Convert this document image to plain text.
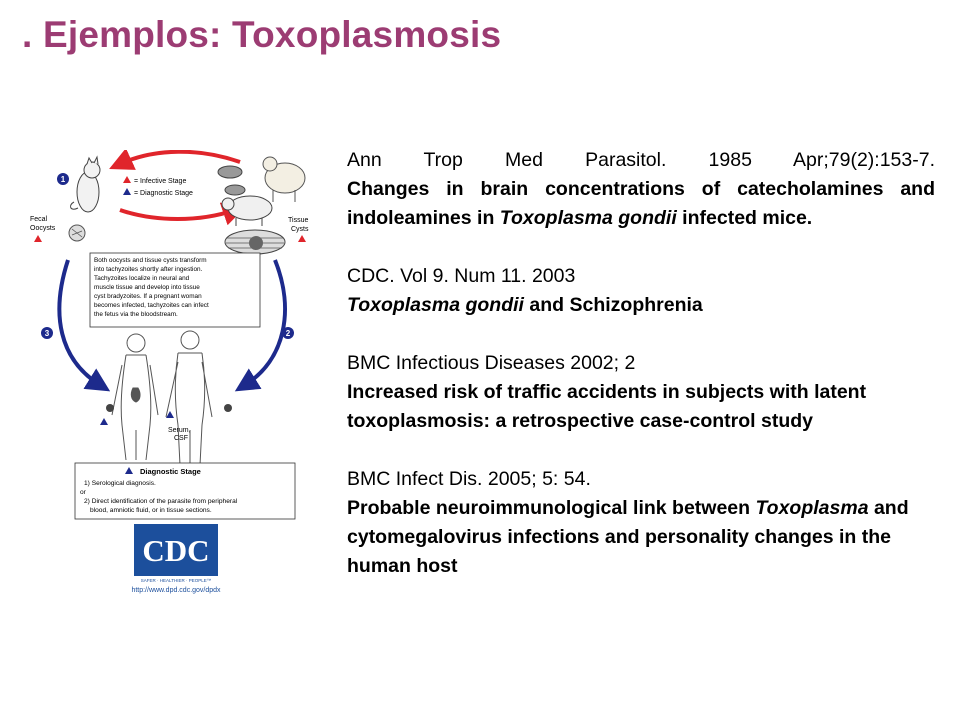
. Ejemplos: Toxoplasmosis
= Infective Stage
= Diagnostic Stage
1
Fecal
Oocysts
Tissue
Cysts
Both oocysts and tissue cysts transform into tachyzoites shortly after ingestion. Tachyzoites localize in neural and muscle tissue and develop into tissue cyst bradyzoites. If a pregnant woman becomes infected, tachyzoites can infect the fetus via the bloodstream.
3	2
Serum,
CSF
Diagnostic Stage
1) Serological diagnosis. or 2) Direct identification of the parasite from peripheral blood, amniotic fluid, or in tissue sections.
CDC
SAFER · HEALTHIER · PEOPLE™
http://www.dpd.cdc.gov/dpdx

Ann Trop Med Parasitol. 1985 Apr;79(2):153-7.

Changes in brain concentrations of catecholamines and indoleamines in Toxoplasma gondii infected mice.

CDC. Vol 9. Num 11. 2003

Toxoplasma gondii and Schizophrenia

BMC Infectious Diseases 2002; 2

Increased risk of traffic accidents in subjects with latent toxoplasmosis: a retrospective case-control study

BMC Infect Dis. 2005; 5: 54.

Probable neuroimmunological link between Toxoplasma and cytomegalovirus infections and personality changes in the human host
